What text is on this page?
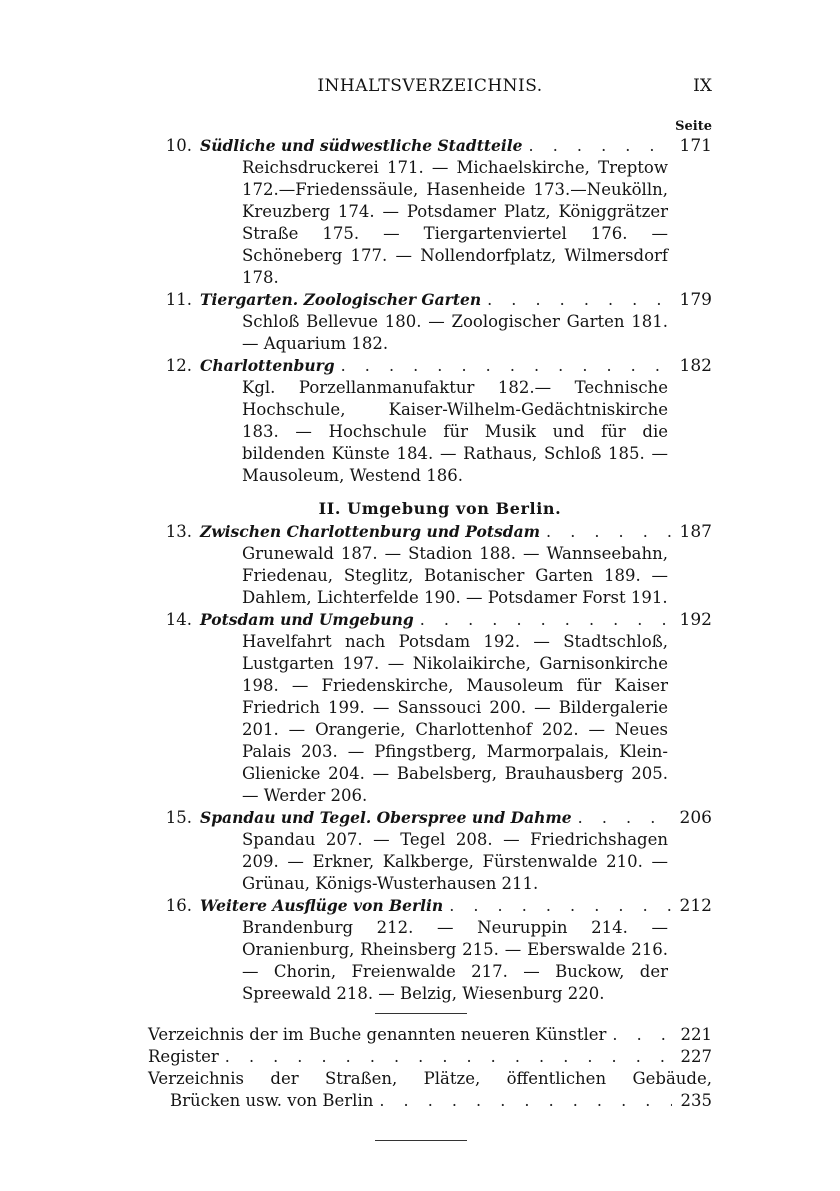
INHALTSVERZEICHNIS.	IX
Seite
10. Südliche und südwestliche Stadtteile . . .	171
Reichsdruckerei 171. — Michaelskirche, Treptow 172.—Friedenssäule, Hasenheide 173.—Neukölln, Kreuzberg 174. — Potsdamer Platz, Königgrätzer Straße 175. — Tiergartenviertel 176. — Schöneberg 177. — Nollendorfplatz, Wilmersdorf 178.
11. Tiergarten. Zoologischer Garten . . .	179
Schloß Bellevue 180. — Zoologischer Garten 181. — Aquarium 182.
12. Charlottenburg . . .	182
Kgl. Porzellanmanufaktur 182.— Technische Hochschule, Kaiser-Wilhelm-Gedächtniskirche 183. — Hochschule für Musik und für die bildenden Künste 184. — Rathaus, Schloß 185. — Mausoleum, Westend 186.
II. Umgebung von Berlin.
13. Zwischen Charlottenburg und Potsdam . . .	187
Grunewald 187. — Stadion 188. — Wannseebahn, Friedenau, Steglitz, Botanischer Garten 189. — Dahlem, Lichterfelde 190. — Potsdamer Forst 191.
14. Potsdam und Umgebung . . .	192
Havelfahrt nach Potsdam 192. — Stadtschloß, Lustgarten 197. — Nikolaikirche, Garnisonkirche 198. — Friedenskirche, Mausoleum für Kaiser Friedrich 199. — Sanssouci 200. — Bildergalerie 201. — Orangerie, Charlottenhof 202. — Neues Palais 203. — Pfingstberg, Marmorpalais, Klein-Glienicke 204. — Babelsberg, Brauhausberg 205. — Werder 206.
15. Spandau und Tegel. Oberspree und Dahme . . .	206
Spandau 207. — Tegel 208. — Friedrichshagen 209. — Erkner, Kalkberge, Fürstenwalde 210. — Grünau, Königs-Wusterhausen 211.
16. Weitere Ausflüge von Berlin . . .	212
Brandenburg 212. — Neuruppin 214. — Oranienburg, Rheinsberg 215. — Eberswalde 216. — Chorin, Freienwalde 217. — Buckow, der Spreewald 218. — Belzig, Wiesenburg 220.
Verzeichnis der im Buche genannten neueren Künstler . . .	221
Register . . .	227
Verzeichnis der Straßen, Plätze, öffentlichen Gebäude,
Brücken usw. von Berlin . . .	235
